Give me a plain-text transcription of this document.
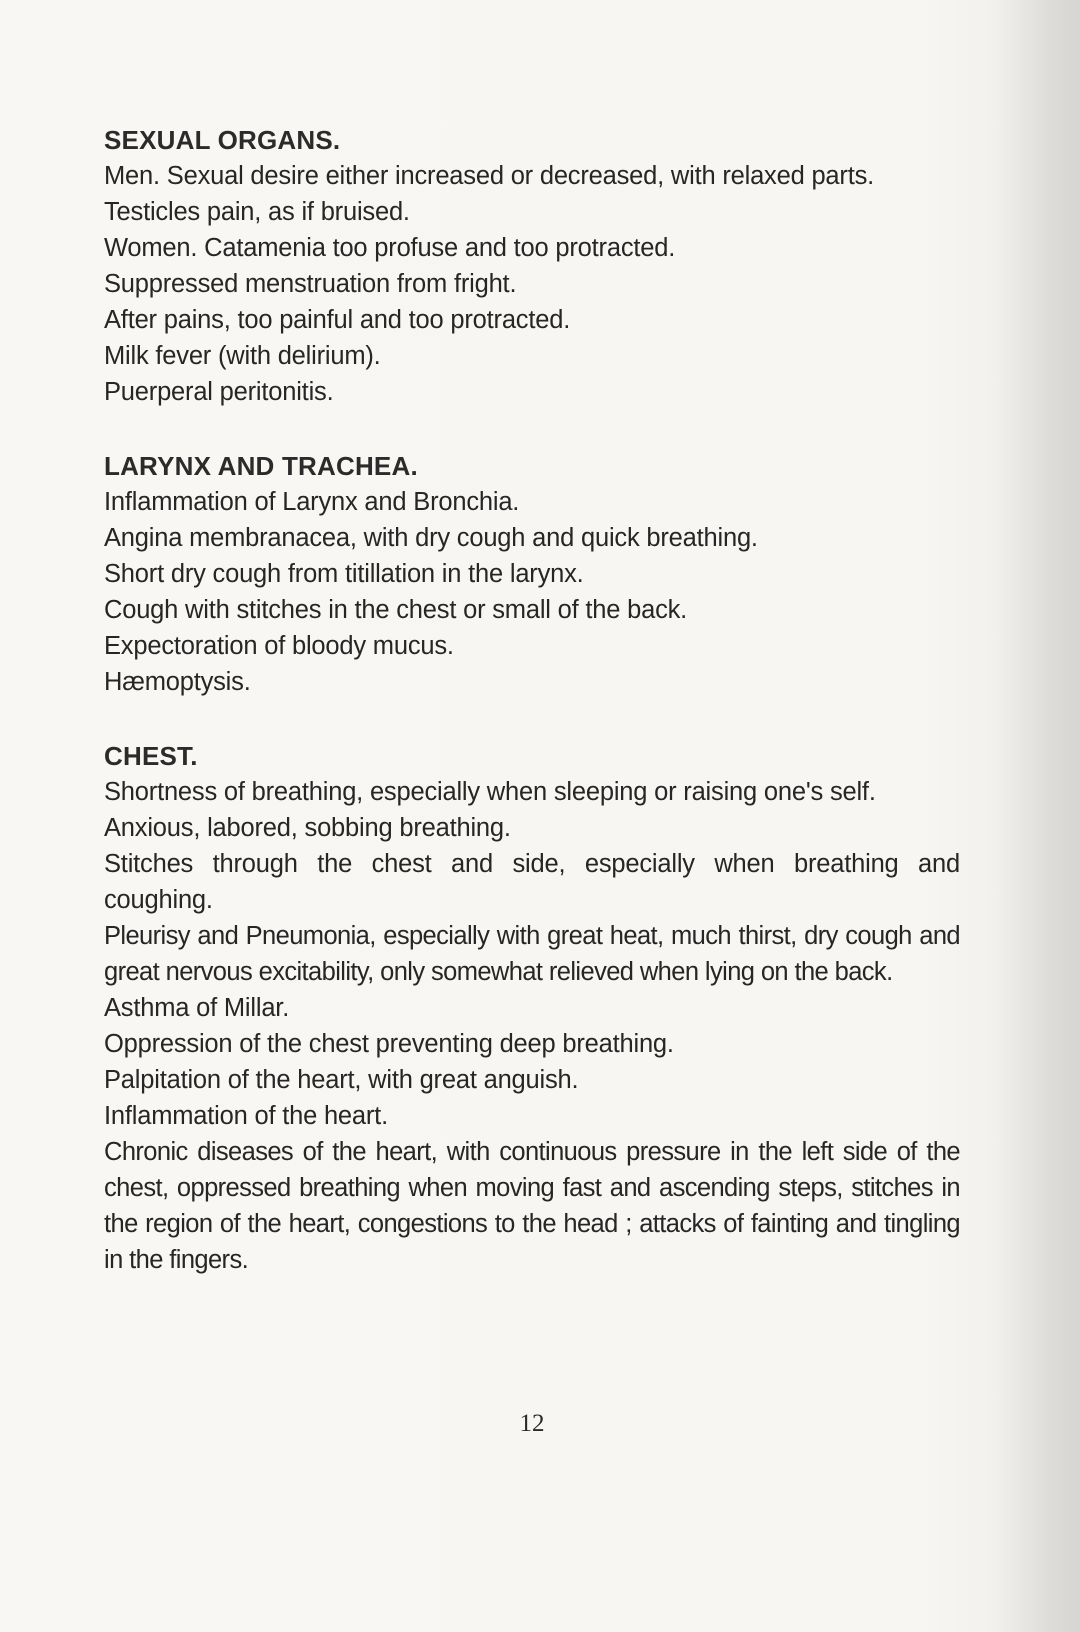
SEXUAL ORGANS.

Men. Sexual desire either increased or decreased, with relaxed parts.

Testicles pain, as if bruised.

Women. Catamenia too profuse and too protracted.

Suppressed menstruation from fright.

After pains, too painful and too protracted.

Milk fever (with delirium).

Puerperal peritonitis.

LARYNX AND TRACHEA.

Inflammation of Larynx and Bronchia.

Angina membranacea, with dry cough and quick breathing.

Short dry cough from titillation in the larynx.

Cough with stitches in the chest or small of the back.

Expectoration of bloody mucus.

Hæmoptysis.

CHEST.

Shortness of breathing, especially when sleeping or raising one's self.

Anxious, labored, sobbing breathing.

Stitches through the chest and side, especially when breathing and coughing.

Pleurisy and Pneumonia, especially with great heat, much thirst, dry cough and great nervous excitability, only somewhat relieved when lying on the back.

Asthma of Millar.

Oppression of the chest preventing deep breathing.

Palpitation of the heart, with great anguish.

Inflammation of the heart.

Chronic diseases of the heart, with continuous pressure in the left side of the chest, oppressed breathing when moving fast and ascending steps, stitches in the region of the heart, congestions to the head ; attacks of fainting and tingling in the fingers.

12
